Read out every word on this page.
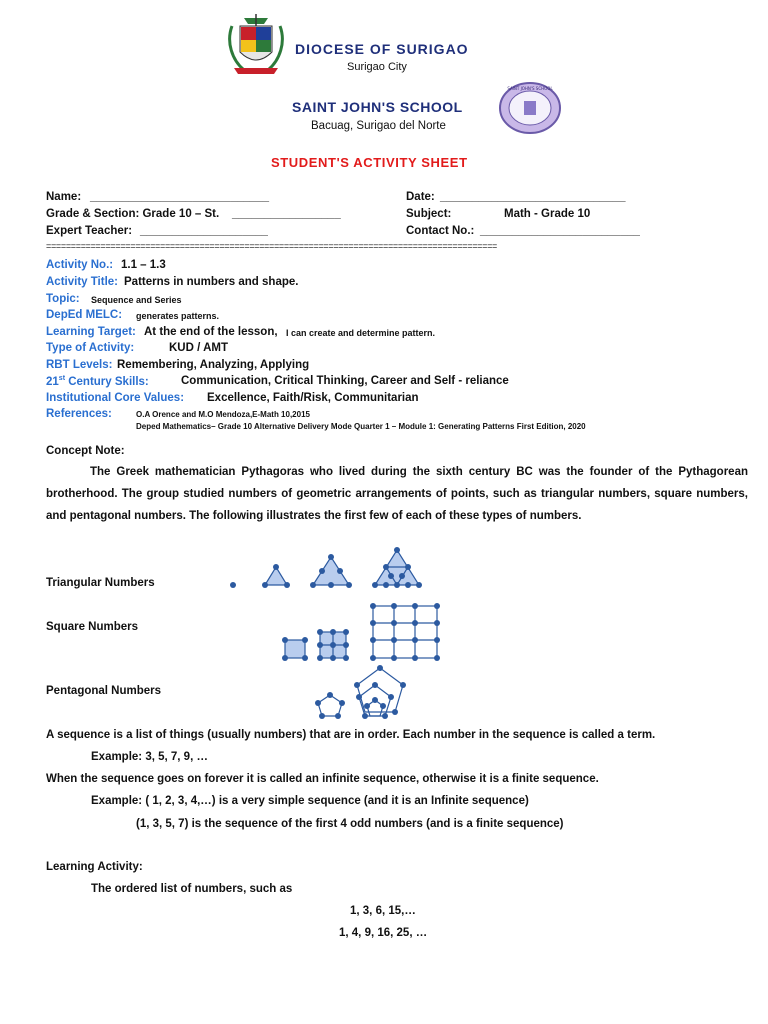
DIOCESE OF SURIGAO
Surigao City
SAINT JOHN'S SCHOOL
Bacuag, Surigao del Norte
SAINT JOHN'S SCHOOL
STUDENT'S ACTIVITY SHEET
Name: ____________________________	Date: _____________________________
Grade & Section: Grade 10 – St. _________________	Subject:	Math - Grade 10
Expert Teacher: ____________________	Contact No.: _________________________
===========================================================================================
Activity No.: 1.1 – 1.3
Activity Title: Patterns in numbers and shape.
Topic: Sequence and Series
DepEd MELC: generates patterns.
Learning Target: At the end of the lesson, I can create and determine pattern.
Type of Activity:	KUD / AMT
RBT Levels: Remembering, Analyzing, Applying
21st Century Skills:	Communication, Critical Thinking, Career and Self - reliance
Institutional Core Values: Excellence, Faith/Risk, Communitarian
References:	O.A Orence and M.O Mendoza,E-Math 10,2015
Deped Mathematics– Grade 10 Alternative Delivery Mode Quarter 1 – Module 1: Generating Patterns First Edition, 2020
Concept Note:
The Greek mathematician Pythagoras who lived during the sixth century BC was the founder of the Pythagorean brotherhood. The group studied numbers of geometric arrangements of points, such as triangular numbers, square numbers, and pentagonal numbers. The following illustrates the first few of each of these types of numbers.
Triangular Numbers
Square Numbers
Pentagonal Numbers
A sequence is a list of things (usually numbers) that are in order. Each number in the sequence is called a term.
Example: 3, 5, 7, 9, …
When the sequence goes on forever it is called an infinite sequence, otherwise it is a finite sequence.
Example: ( 1, 2, 3, 4,…) is a very simple sequence (and it is an Infinite sequence)
(1, 3, 5, 7) is the sequence of the first 4 odd numbers (and is a finite sequence)
Learning Activity:
The ordered list of numbers, such as
1, 3, 6, 15,…
1, 4, 9, 16, 25, …
